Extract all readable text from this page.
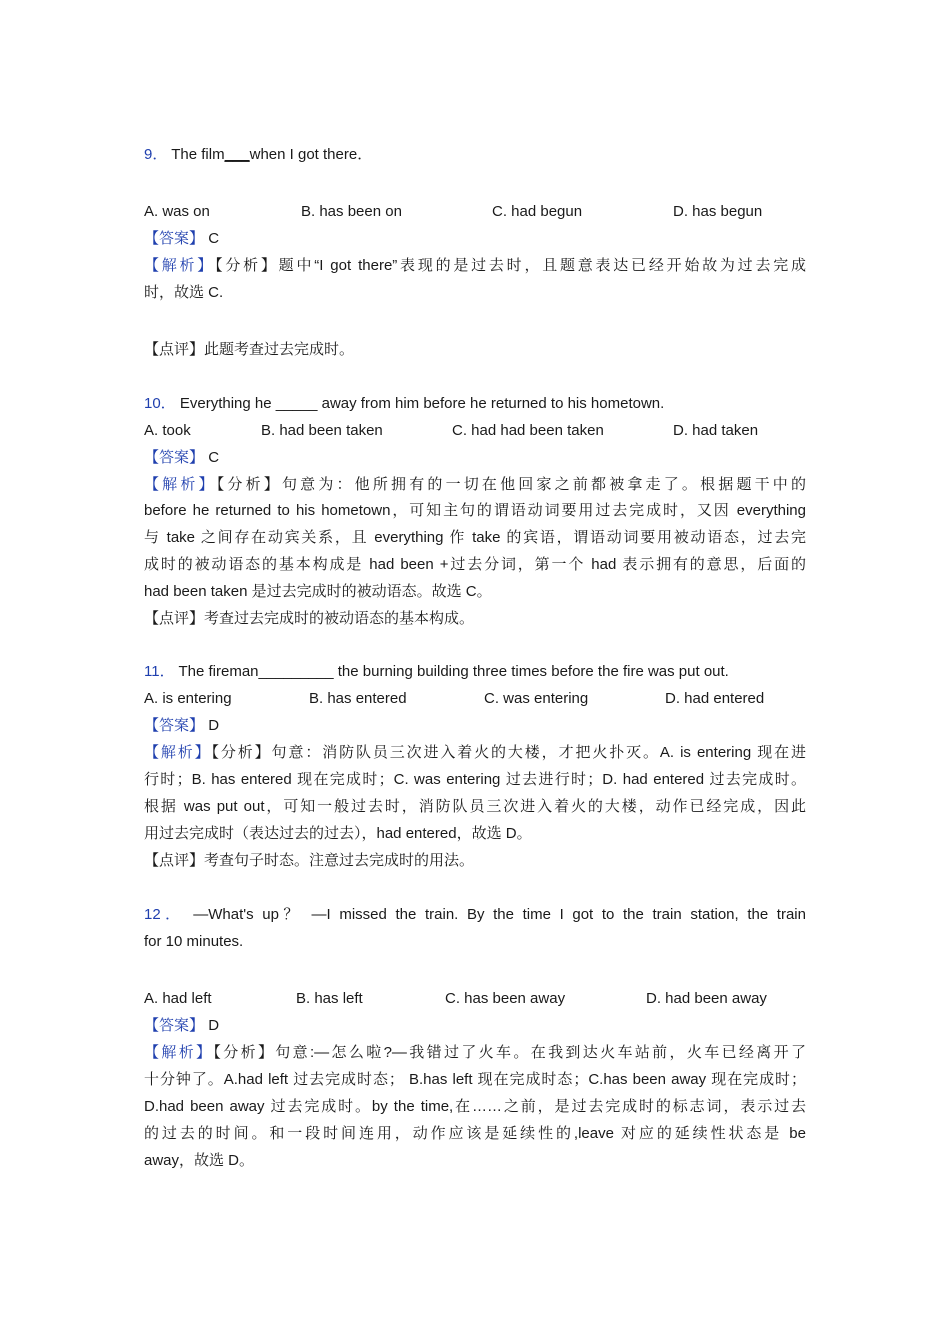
9． The film___when I got there．
A. was on	B. has been on	C. had begun	D. has begun
【答案】 C
【解析】【分析】题中“I got there”表现的是过去时，且题意表达已经开始故为过去完成
时，故选 C.
【点评】此题考查过去完成时。
10． Everything he _____ away from him before he returned to his hometown.
A. took	B. had been taken	C. had had been taken	D. had taken
【答案】 C
【解析】【分析】句意为：他所拥有的一切在他回家之前都被拿走了。根据题干中的
before he returned to his hometown，可知主句的谓语动词要用过去完成时，又因 everything
与 take 之间存在动宾关系，且 everything 作 take 的宾语，谓语动词要用被动语态，过去完
成时的被动语态的基本构成是 had been +过去分词，第一个 had 表示拥有的意思，后面的
had been taken 是过去完成时的被动语态。故选 C。
【点评】考查过去完成时的被动语态的基本构成。
11． The fireman_________ the burning building three times before the fire was put out.
A. is entering	B. has entered	C. was entering	D. had entered
【答案】 D
【解析】【分析】句意：消防队员三次进入着火的大楼，才把火扑灭。A. is entering 现在进
行时；B. has entered 现在完成时；C. was entering 过去进行时；D. had entered 过去完成时。
根据 was put out，可知一般过去时，消防队员三次进入着火的大楼，动作已经完成，因此
用过去完成时（表达过去的过去），had entered，故选 D。
【点评】考查句子时态。注意过去完成时的用法。
12． —What's up？ —I missed the train. By the time I got to the train station, the train
for 10 minutes.
A. had left	B. has left	C. has been away	D. had been away
【答案】 D
【解析】【分析】句意:—怎么啦?—我错过了火车。在我到达火车站前，火车已经离开了
十分钟了。A.had left 过去完成时态； B.has left 现在完成时态；C.has been away 现在完成时；
D.had been away 过去完成时。by the time,在……之前，是过去完成时的标志词，表示过去
的过去的时间。和一段时间连用，动作应该是延续性的,leave 对应的延续性状态是 be
away，故选 D。
